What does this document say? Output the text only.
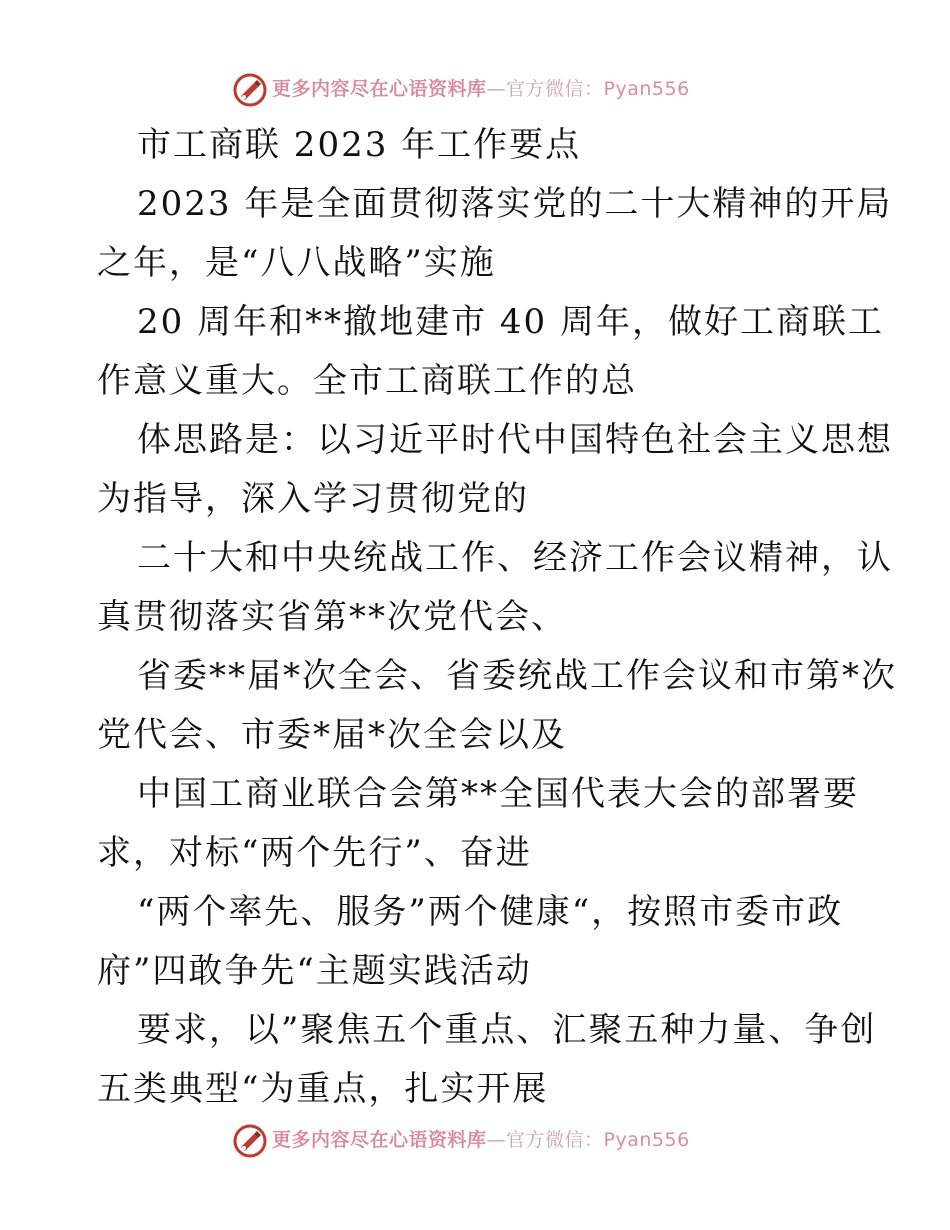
更多内容尽在心语资料库—官方微信：Pyan556
市工商联 2023 年工作要点
2023 年是全面贯彻落实党的二十大精神的开局
之年，是“八八战略”实施
20 周年和**撤地建市 40 周年，做好工商联工
作意义重大。全市工商联工作的总
体思路是：以习近平时代中国特色社会主义思想
为指导，深入学习贯彻党的
二十大和中央统战工作、经济工作会议精神，认
真贯彻落实省第**次党代会、
省委**届*次全会、省委统战工作会议和市第*次
党代会、市委*届*次全会以及
中国工商业联合会第**全国代表大会的部署要
求，对标“两个先行”、奋进
“两个率先、服务”两个健康“，按照市委市政
府”四敢争先“主题实践活动
要求，以”聚焦五个重点、汇聚五种力量、争创
五类典型“为重点，扎实开展
更多内容尽在心语资料库—官方微信：Pyan556
